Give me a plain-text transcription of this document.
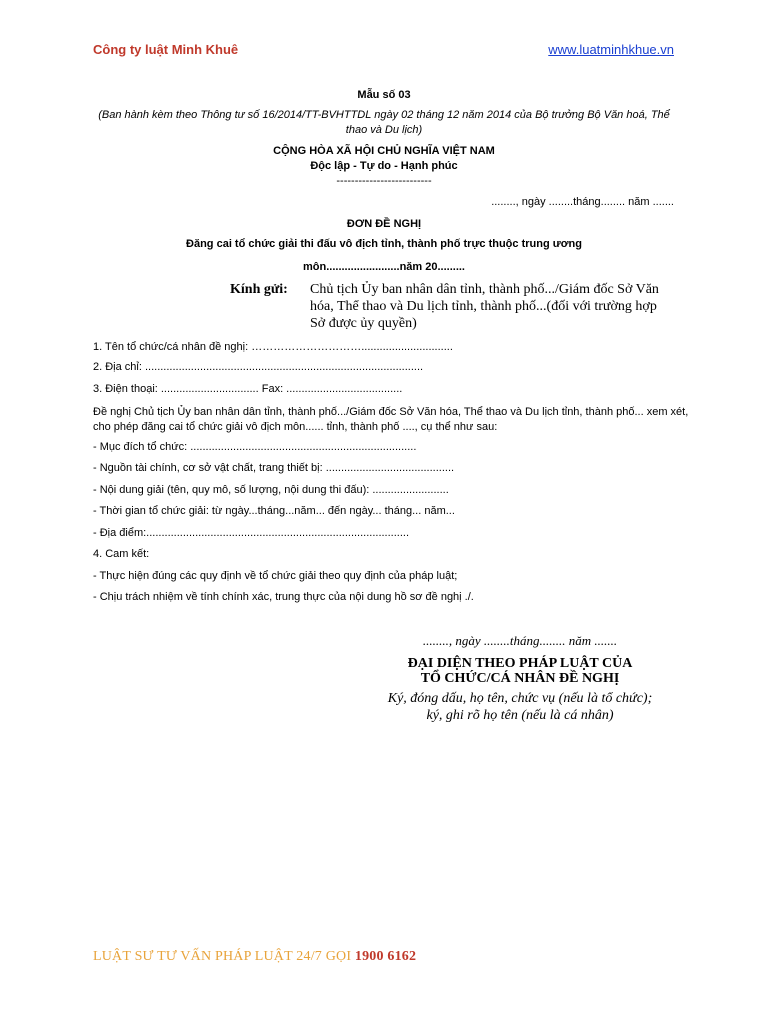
Công ty luật Minh Khuê	www.luatminhkhue.vn
Mẫu số 03
(Ban hành kèm theo Thông tư số 16/2014/TT-BVHTTDL ngày 02 tháng 12 năm 2014 của Bộ trưởng Bộ Văn hoá, Thể thao và Du lịch)
CỘNG HÒA XÃ HỘI CHỦ NGHĨA VIỆT NAM
Độc lập - Tự do - Hạnh phúc
--------------------------
........, ngày ........tháng........ năm .......
ĐƠN ĐỀ NGHỊ
Đăng cai tổ chức giải thi đấu vô địch tỉnh, thành phố trực thuộc trung ương
môn........................năm 20.........
Kính gửi: Chủ tịch Ủy ban nhân dân tỉnh, thành phố.../Giám đốc Sở Văn hóa, Thể thao và Du lịch tỉnh, thành phố...(đối với trường hợp Sở được ủy quyền)
1. Tên tổ chức/cá nhân đề nghị: …………………………..............................
2. Địa chỉ: ...........................................................................................
3. Điện thoại: ................................ Fax: ......................................
Đề nghị Chủ tịch Ủy ban nhân dân tỉnh, thành phố.../Giám đốc Sở Văn hóa, Thể thao và Du lịch tỉnh, thành phố... xem xét, cho phép đăng cai tổ chức giải vô địch môn...... tỉnh, thành phố ...., cụ thể như sau:
- Mục đích tổ chức: ..........................................................................
- Nguồn tài chính, cơ sở vật chất, trang thiết bị: ..........................................
- Nội dung giải (tên, quy mô, số lượng, nội dung thi đấu): .........................
- Thời gian tổ chức giải: từ ngày...tháng...năm... đến ngày... tháng... năm...
- Địa điểm:......................................................................................
4. Cam kết:
- Thực hiện đúng các quy định về tổ chức giải theo quy định của pháp luật;
- Chịu trách nhiệm về tính chính xác, trung thực của nội dung hồ sơ đề nghị ./.
........, ngày ........tháng........ năm .......
ĐẠI DIỆN THEO PHÁP LUẬT CỦA
TỔ CHỨC/CÁ NHÂN ĐỀ NGHỊ
Ký, đóng dấu, họ tên, chức vụ (nếu là tổ chức);
ký, ghi rõ họ tên (nếu là cá nhân)
LUẬT SƯ TƯ VẤN PHÁP LUẬT 24/7 GỌI 1900 6162
